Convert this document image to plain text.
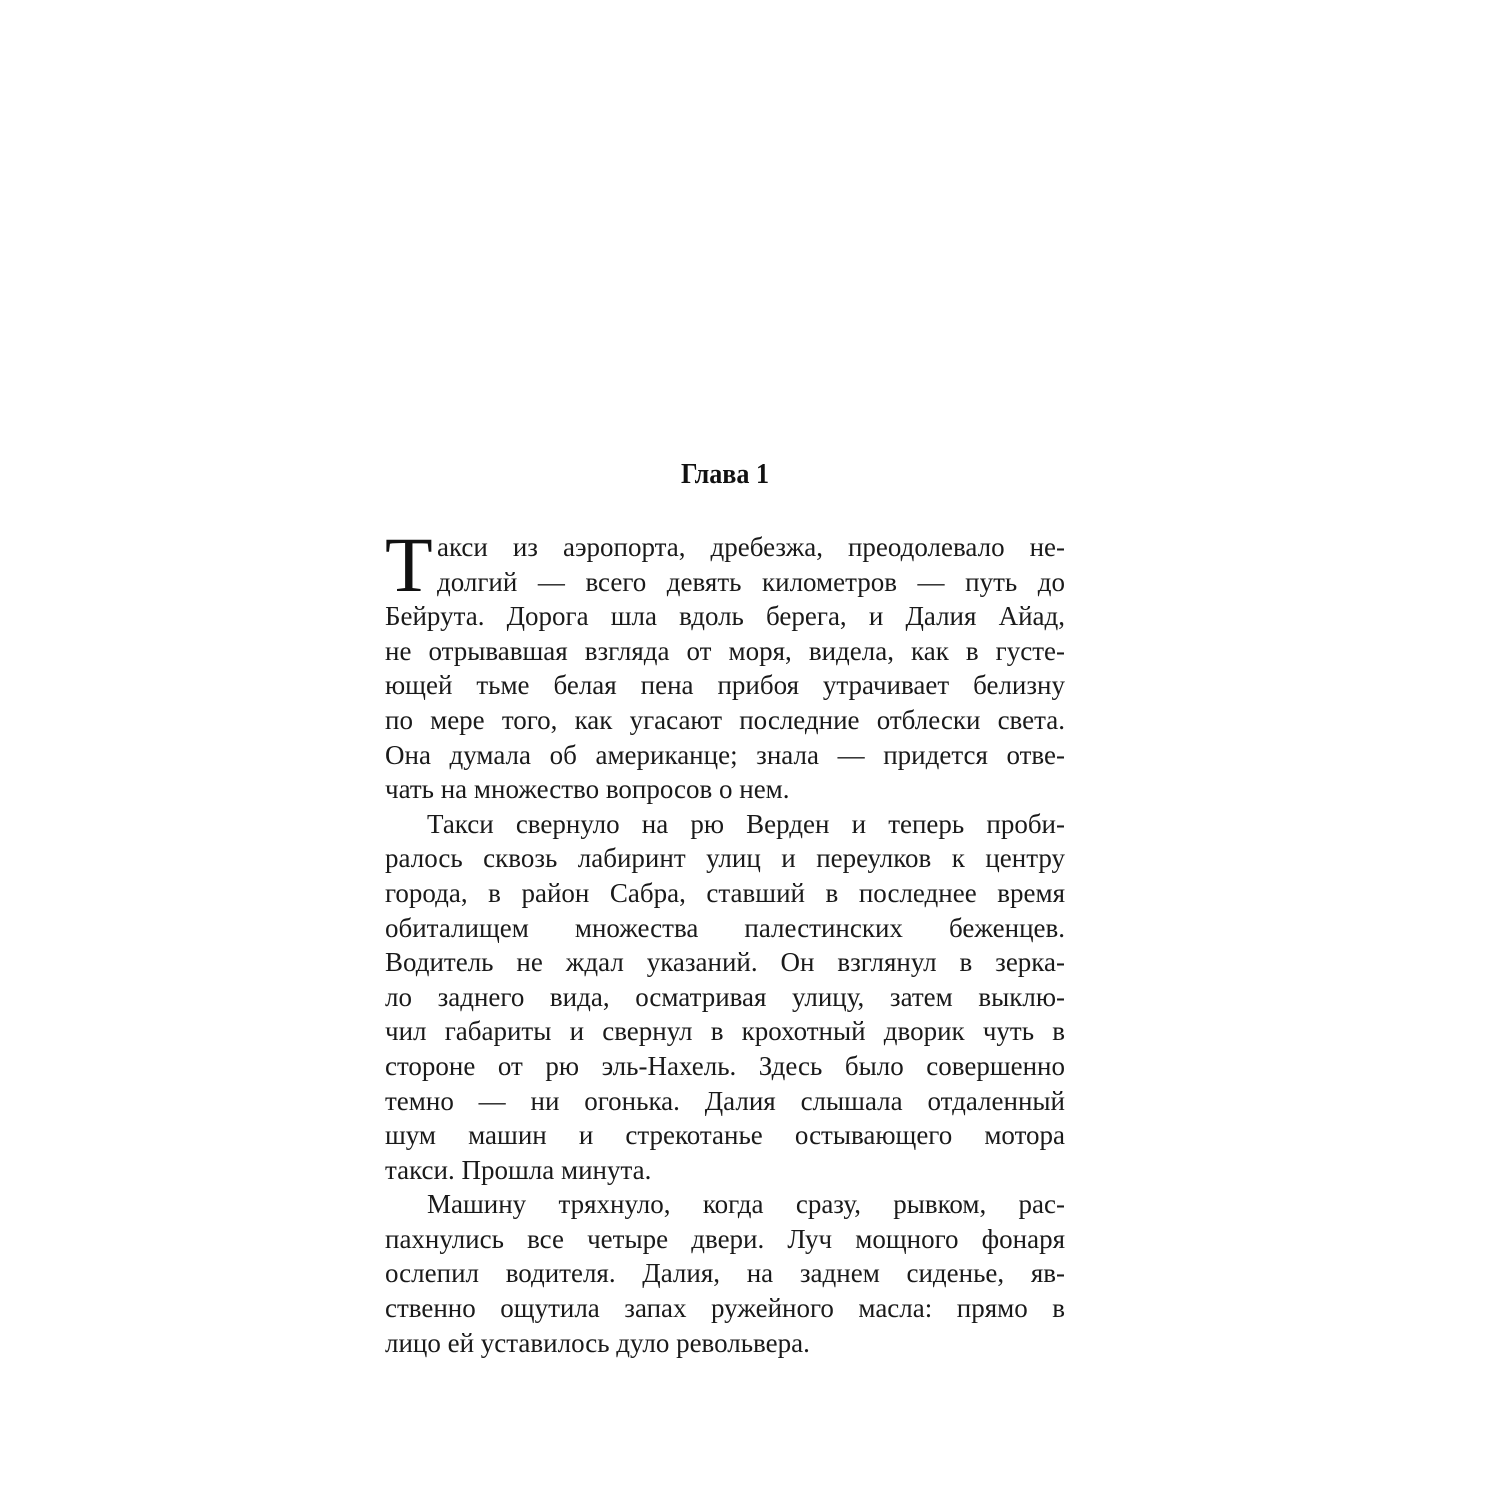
Глава 1
Т акси из аэропорта, дребезжа, преодолевало не-
долгий — всего девять километров — путь до
Бейрута. Дорога шла вдоль берега, и Далия Айад,
не отрывавшая взгляда от моря, видела, как в густе-
ющей тьме белая пена прибоя утрачивает белизну
по мере того, как угасают последние отблески света.
Она думала об американце; знала — придется отве-
чать на множество вопросов о нем.
Такси свернуло на рю Верден и теперь проби-
ралось сквозь лабиринт улиц и переулков к центру
города, в район Сабра, ставший в последнее время
обиталищем множества палестинских беженцев.
Водитель не ждал указаний. Он взглянул в зерка-
ло заднего вида, осматривая улицу, затем выклю-
чил габариты и свернул в крохотный дворик чуть в
стороне от рю эль-Нахель. Здесь было совершенно
темно — ни огонька. Далия слышала отдаленный
шум машин и стрекотанье остывающего мотора
такси. Прошла минута.
Машину тряхнуло, когда сразу, рывком, рас-
пахнулись все четыре двери. Луч мощного фонаря
ослепил водителя. Далия, на заднем сиденье, яв-
ственно ощутила запах ружейного масла: прямо в
лицо ей уставилось дуло револьвера.
